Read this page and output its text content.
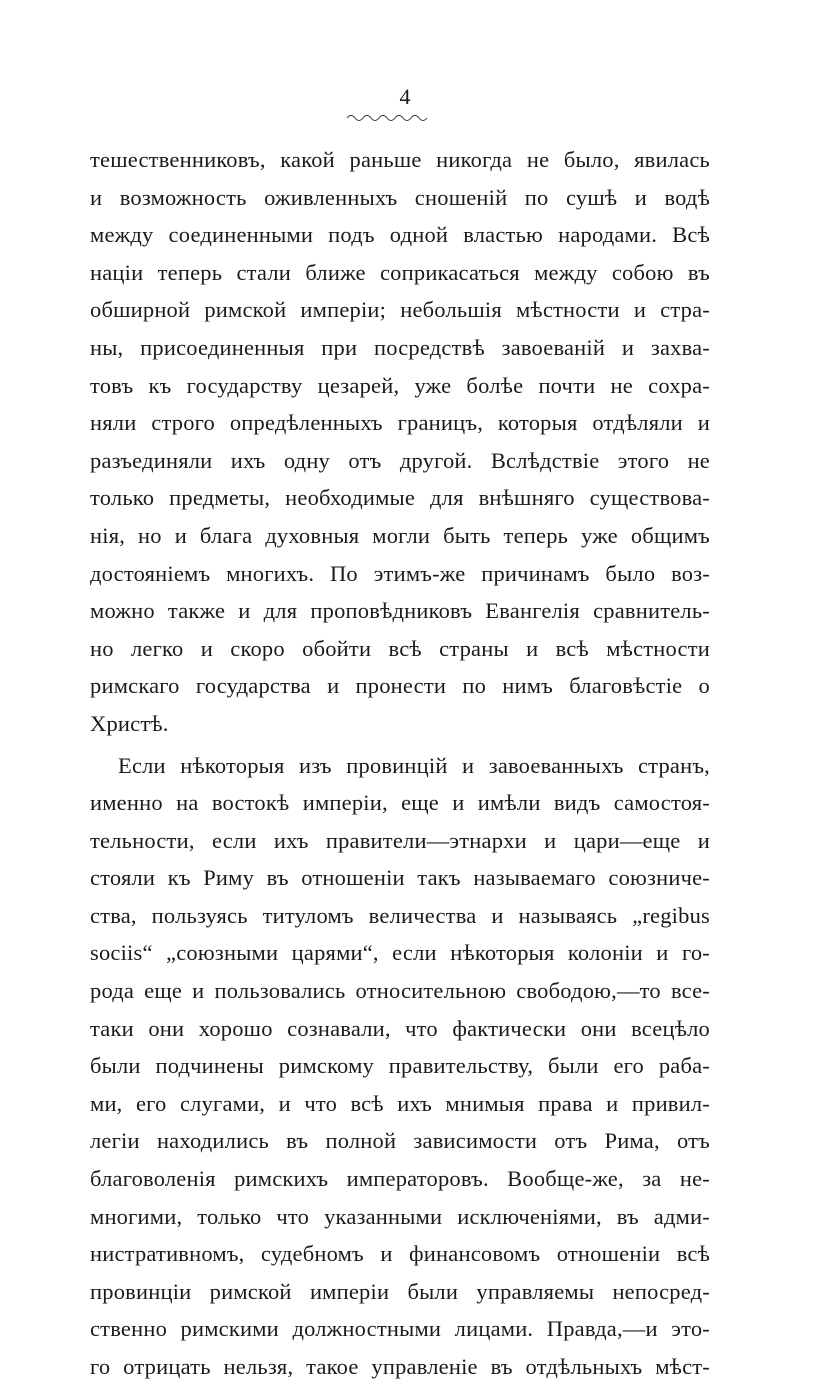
4
тешественниковъ, какой раньше никогда не было, явилась
и возможность оживленныхъ сношеній по сушѣ и водѣ
между соединенными подъ одной властью народами. Всѣ
націи теперь стали ближе соприкасаться между собою въ
обширной римской имперіи; небольшія мѣстности и стра-
ны, присоединенныя при посредствѣ завоеваній и захва-
товъ къ государству цезарей, уже болѣе почти не сохра-
няли строго опредѣленныхъ границъ, которыя отдѣляли и
разъединяли ихъ одну отъ другой. Вслѣдствіе этого не
только предметы, необходимые для внѣшняго существова-
нія, но и блага духовныя могли быть теперь уже общимъ
достояніемъ многихъ. По этимъ-же причинамъ было воз-
можно также и для проповѣдниковъ Евангелія сравнитель-
но легко и скоро обойти всѣ страны и всѣ мѣстности
римскаго государства и пронести по нимъ благовѣстіе о
Христѣ.
Если нѣкоторыя изъ провинцій и завоеванныхъ странъ,
именно на востокѣ имперіи, еще и имѣли видъ самостоя-
тельности, если ихъ правители—этнархи и цари—еще и
стояли къ Риму въ отношеніи такъ называемаго союзниче-
ства, пользуясь титуломъ величества и называясь „regibus
sociis“ „союзными царями“, если нѣкоторыя колоніи и го-
рода еще и пользовались относительною свободою,—то все-
таки они хорошо сознавали, что фактически они всецѣло
были подчинены римскому правительству, были его раба-
ми, его слугами, и что всѣ ихъ мнимыя права и привил-
легіи находились въ полной зависимости отъ Рима, отъ
благоволенія римскихъ императоровъ. Вообще-же, за не-
многими, только что указанными исключеніями, въ адми-
нистративномъ, судебномъ и финансовомъ отношеніи всѣ
провинціи римской имперіи были управляемы непосред-
ственно римскими должностными лицами. Правда,—и это-
го отрицать нельзя, такое управленіе въ отдѣльныхъ мѣст-
